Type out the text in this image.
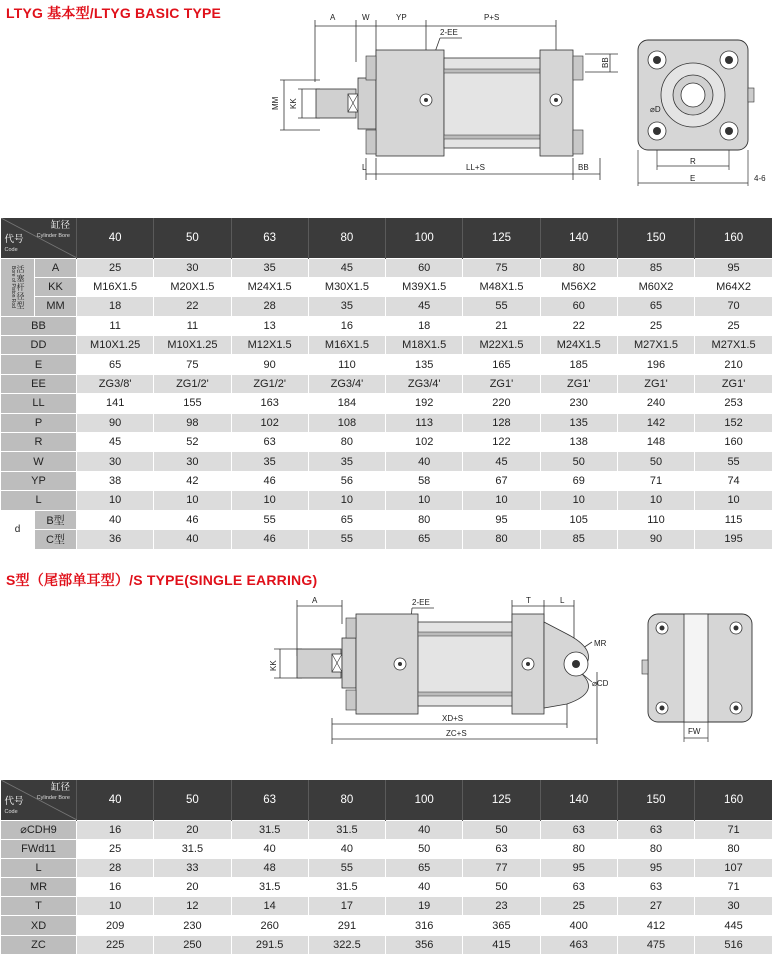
LTYG 基本型/LTYG BASIC TYPE	A	W	YP	P+S
2-EE
BB
MM KK
L	LL+S	BB
⌀D
R
E	4-6
缸径
Cylinder Bore
代号
Code		40	50	63	80	100	125	140	150	160

Bore of Piston Rod 活塞杆径型	A	25	30	35	45	60	75	80	85	95
	KK	M16X1.5	M20X1.5	M24X1.5	M30X1.5	M39X1.5	M48X1.5	M56X2	M60X2	M64X2
	MM	18	22	28	35	45	55	60	65	70
BB		11	11	13	16	18	21	22	25	25
DD		M10X1.25	M10X1.25	M12X1.5	M16X1.5	M18X1.5	M22X1.5	M24X1.5	M27X1.5	M27X1.5
E		65	75	90	110	135	165	185	196	210
EE		ZG3/8'	ZG1/2'	ZG1/2'	ZG3/4'	ZG3/4'	ZG1'	ZG1'	ZG1'	ZG1'
LL		141	155	163	184	192	220	230	240	253
P		90	98	102	108	113	128	135	142	152
R		45	52	63	80	102	122	138	148	160
W		30	30	35	35	40	45	50	50	55
YP		38	42	46	56	58	67	69	71	74
L		10	10	10	10	10	10	10	10	10
d	B型	40	46	55	65	80	95	105	110	115
	C型	36	40	46	55	65	80	85	90	195
S型（尾部单耳型）/S TYPE(SINGLE EARRING)
A	2-EE	T	L
MR
KK
⌀CD
XD+S
ZC+S	FW
缸径
Cylinder Bore
代号
Code	40	50	63	80	100	125	140	150	160
⌀CDH9	16	20	31.5	31.5	40	50	63	63	71
FWd11	25	31.5	40	40	50	63	80	80	80
L	28	33	48	55	65	77	95	95	107
MR	16	20	31.5	31.5	40	50	63	63	71
T	10	12	14	17	19	23	25	27	30
XD	209	230	260	291	316	365	400	412	445
ZC	225	250	291.5	322.5	356	415	463	475	516
